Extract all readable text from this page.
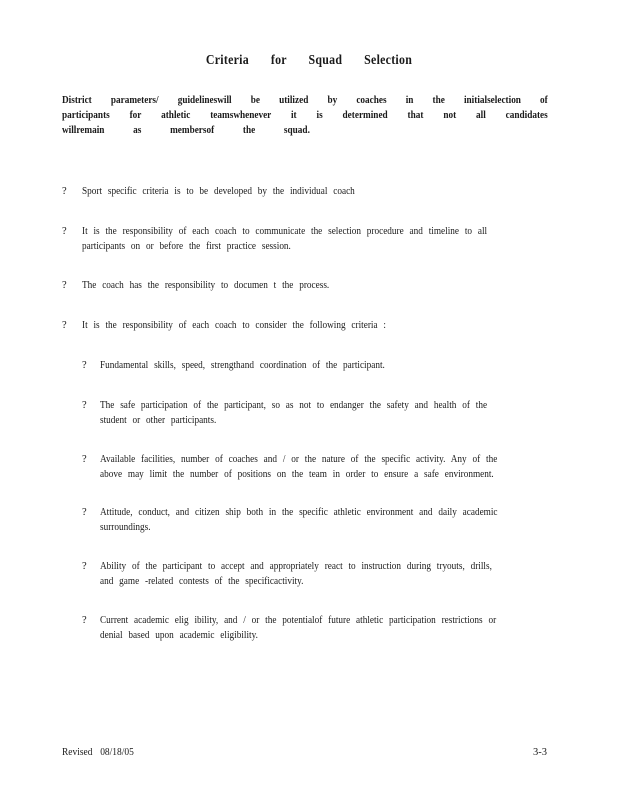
Criteria for Squad Selection
District parameters/ guidelineswill be utilized by coaches in the initialselection of
participants for athletic teamswhenever it is determined that not all candidates
willremain as membersof the squad.
?	Sport specific criteria is to be developed by the individual coach
?	It is the responsibility of each coach to communicate the selection procedure and timeline to all
participants on or before the first practice session.
?	The coach has the responsibility to documen t the process.
?	It is the responsibility of each coach to consider the following criteria :
?	Fundamental skills, speed, strengthand coordination of the participant.
?	The safe participation of the participant, so as not to endanger the safety and health of the
student or other participants.
?	Available facilities, number of coaches and / or the nature of the specific activity. Any of the
above may limit the number of positions on the team in order to ensure a safe environment.
?	Attitude, conduct, and citizen ship both in the specific athletic environment and daily academic
surroundings.
?	Ability of the participant to accept and appropriately react to instruction during tryouts, drills,
and game -related contests of the specificactivity.
?	Current academic elig ibility, and / or the potentialof future athletic participation restrictions or
denial based upon academic eligibility.
Revised 08/18/05	3-3
